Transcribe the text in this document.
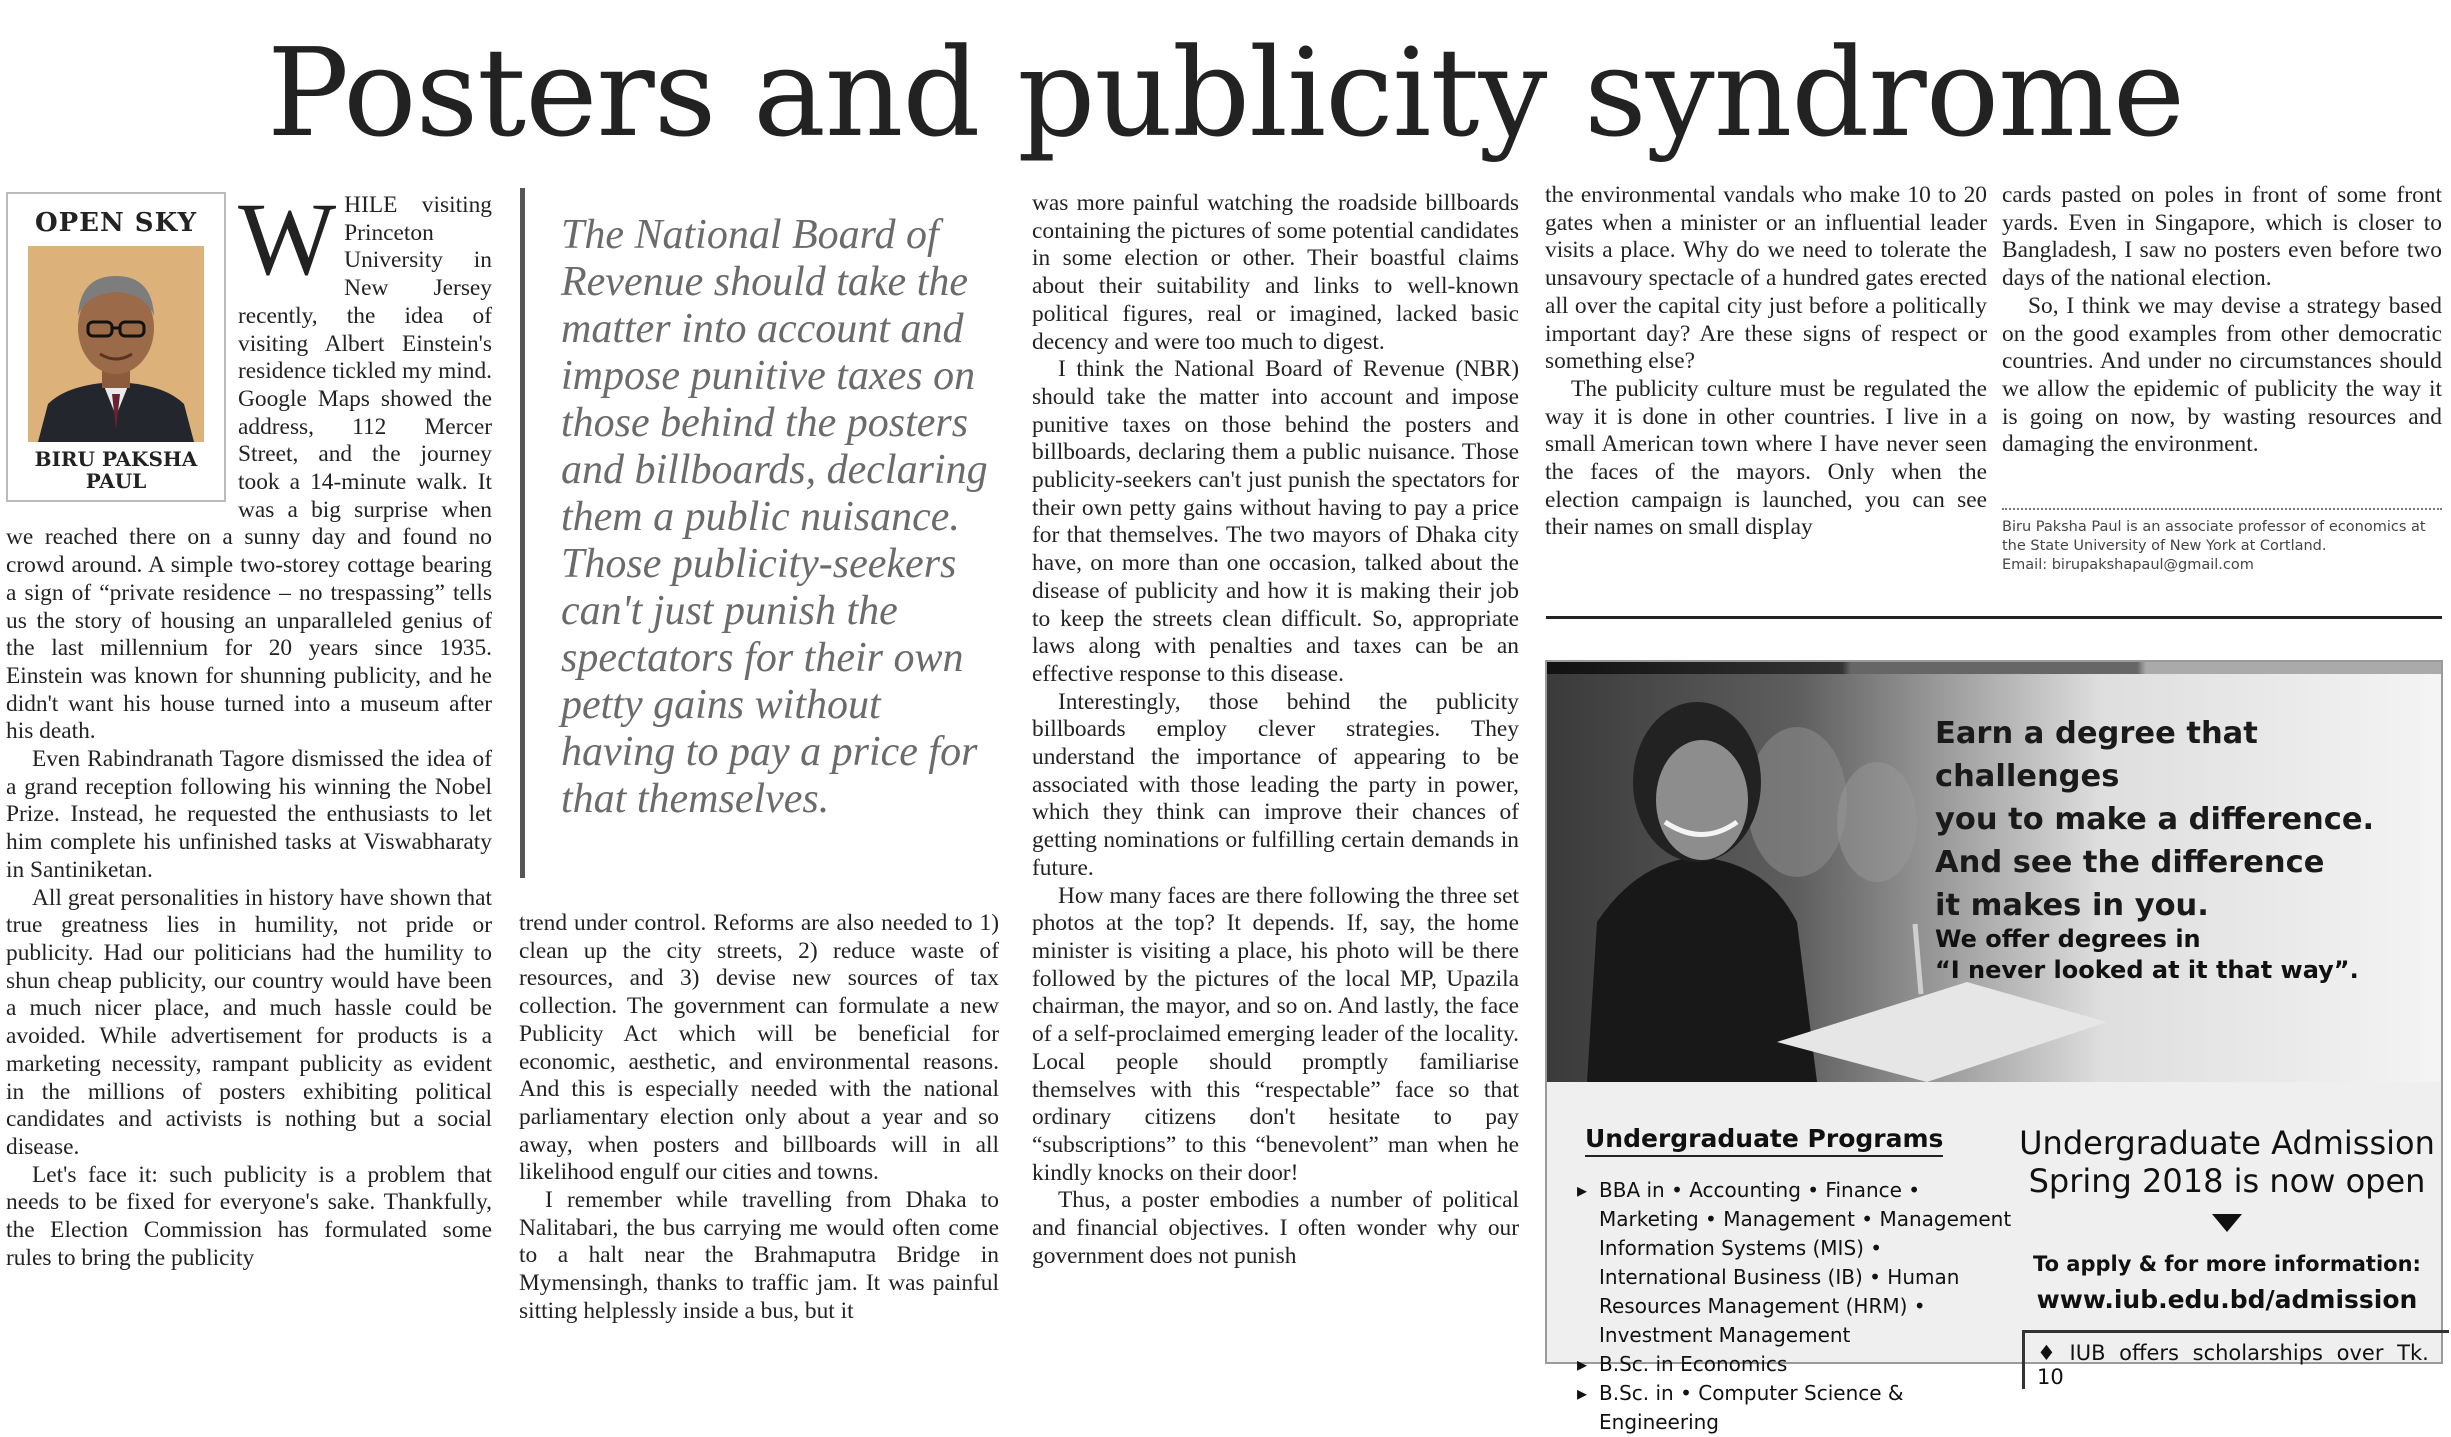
Posters and publicity syndrome
OPEN SKY
BIRU PAKSHA PAUL

WHILE visiting Princeton University in New Jersey recently, the idea of visiting Albert Einstein's residence tickled my mind. Google Maps showed the address, 112 Mercer Street, and the journey took a 14-minute walk. It was a big surprise when we reached there on a sunny day and found no crowd around. A simple two-storey cottage bearing a sign of “private residence – no trespassing” tells us the story of housing an unparalleled genius of the last millennium for 20 years since 1935. Einstein was known for shunning publicity, and he didn't want his house turned into a museum after his death.

Even Rabindranath Tagore dismissed the idea of a grand reception following his winning the Nobel Prize. Instead, he requested the enthusiasts to let him complete his unfinished tasks at Viswabharaty in Santiniketan.

All great personalities in history have shown that true greatness lies in humility, not pride or publicity. Had our politicians had the humility to shun cheap publicity, our country would have been a much nicer place, and much hassle could be avoided. While advertisement for products is a marketing necessity, rampant publicity as evident in the millions of posters exhibiting political candidates and activists is nothing but a social disease.

Let's face it: such publicity is a problem that needs to be fixed for everyone's sake. Thankfully, the Election Commission has formulated some rules to bring the publicity

The National Board of Revenue should take the matter into account and impose punitive taxes on those behind the posters and billboards, declaring them a public nuisance. Those publicity-seekers can't just punish the spectators for their own petty gains without having to pay a price for that themselves.

trend under control. Reforms are also needed to 1) clean up the city streets, 2) reduce waste of resources, and 3) devise new sources of tax collection. The government can formulate a new Publicity Act which will be beneficial for economic, aesthetic, and environmental reasons. And this is especially needed with the national parliamentary election only about a year and so away, when posters and billboards will in all likelihood engulf our cities and towns.

I remember while travelling from Dhaka to Nalitabari, the bus carrying me would often come to a halt near the Brahmaputra Bridge in Mymensingh, thanks to traffic jam. It was painful sitting helplessly inside a bus, but it

was more painful watching the roadside billboards containing the pictures of some potential candidates in some election or other. Their boastful claims about their suitability and links to well-known political figures, real or imagined, lacked basic decency and were too much to digest.

I think the National Board of Revenue (NBR) should take the matter into account and impose punitive taxes on those behind the posters and billboards, declaring them a public nuisance. Those publicity-seekers can't just punish the spectators for their own petty gains without having to pay a price for that themselves. The two mayors of Dhaka city have, on more than one occasion, talked about the disease of publicity and how it is making their job to keep the streets clean difficult. So, appropriate laws along with penalties and taxes can be an effective response to this disease.

Interestingly, those behind the publicity billboards employ clever strategies. They understand the importance of appearing to be associated with those leading the party in power, which they think can improve their chances of getting nominations or fulfilling certain demands in future.

How many faces are there following the three set photos at the top? It depends. If, say, the home minister is visiting a place, his photo will be there followed by the pictures of the local MP, Upazila chairman, the mayor, and so on. And lastly, the face of a self-proclaimed emerging leader of the locality. Local people should promptly familiarise themselves with this “respectable” face so that ordinary citizens don't hesitate to pay “subscriptions” to this “benevolent” man when he kindly knocks on their door!

Thus, a poster embodies a number of political and financial objectives. I often wonder why our government does not punish

the environmental vandals who make 10 to 20 gates when a minister or an influential leader visits a place. Why do we need to tolerate the unsavoury spectacle of a hundred gates erected all over the capital city just before a politically important day? Are these signs of respect or something else?

The publicity culture must be regulated the way it is done in other countries. I live in a small American town where I have never seen the faces of the mayors. Only when the election campaign is launched, you can see their names on small display

cards pasted on poles in front of some front yards. Even in Singapore, which is closer to Bangladesh, I saw no posters even before two days of the national election.

So, I think we may devise a strategy based on the good examples from other democratic countries. And under no circumstances should we allow the epidemic of publicity the way it is going on now, by wasting resources and damaging the environment.

Biru Paksha Paul is an associate professor of economics at the State University of New York at Cortland.
Email: birupakshapaul@gmail.com
Earn a degree that challenges
you to make a difference.
And see the difference
it makes in you.
We offer degrees in
“I never looked at it that way”.
Undergraduate Programs
▸ BBA in • Accounting • Finance • Marketing • Management • Management Information Systems (MIS) • International Business (IB) • Human Resources Management (HRM) • Investment Management
▸ B.Sc. in Economics
▸ B.Sc. in • Computer Science & Engineering
Undergraduate Admission
Spring 2018 is now open
To apply & for more information:
www.iub.edu.bd/admission
♦ IUB offers scholarships over Tk. 10
